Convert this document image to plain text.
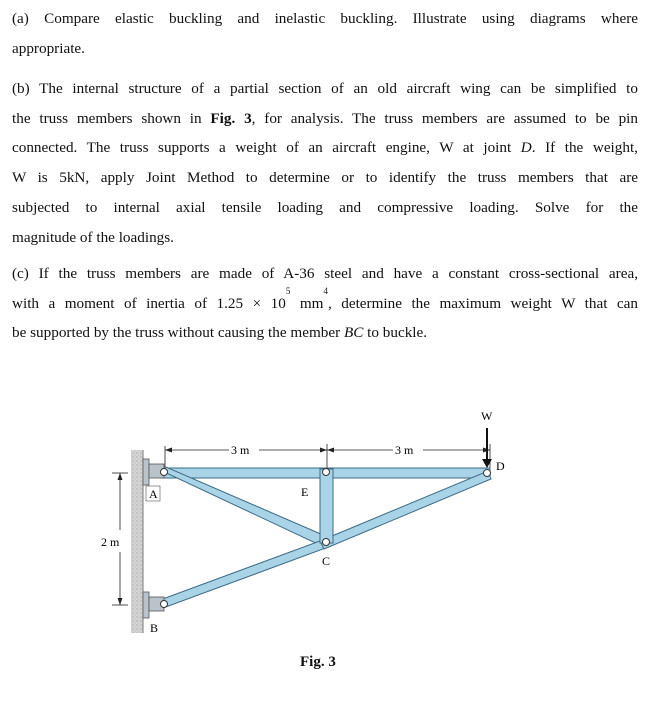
(a) Compare elastic buckling and inelastic buckling. Illustrate using diagrams where
appropriate.

(b) The internal structure of a partial section of an old aircraft wing can be simplified to
the truss members shown in Fig. 3, for analysis. The truss members are assumed to be pin
connected. The truss supports a weight of an aircraft engine, W at joint D. If the weight,
W is 5kN, apply Joint Method to determine or to identify the truss members that are
subjected to internal axial tensile loading and compressive loading. Solve for the
magnitude of the loadings.

(c) If the truss members are made of A-36 steel and have a constant cross-sectional area,
with a moment of inertia of $1.25 \times 10^5$ $mm^4$, determine the maximum weight W that can
be supported by the truss without causing the member BC to buckle.

2 m
3 m	3 m
W
A
B
C
D
E
Fig. 3
